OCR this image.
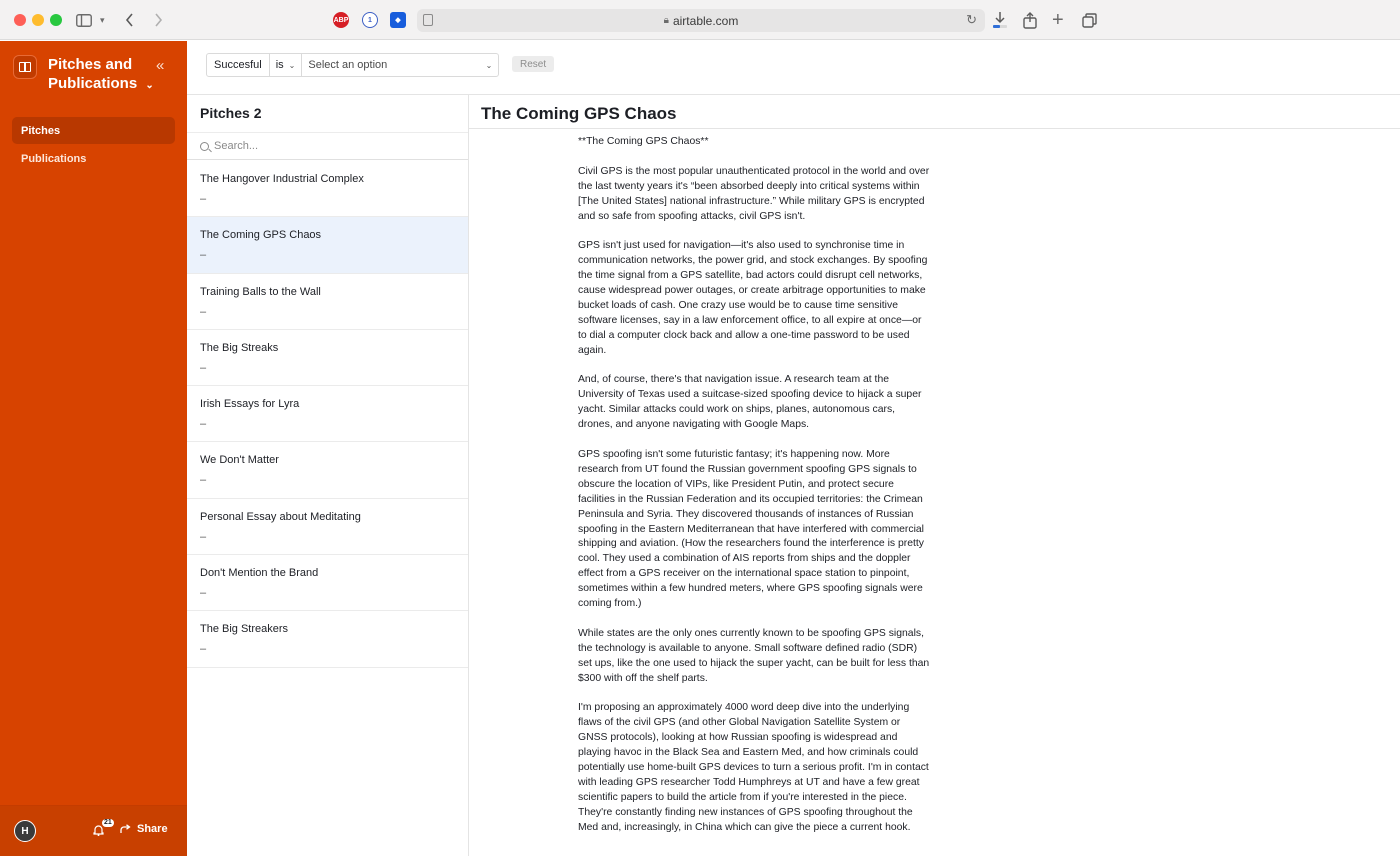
▾	ABP	1	◆	🔒︎ airtable.com	↻	+
Pitches and Publications ⌄
«
Pitches
Publications
H
21
Share
Succesful is ⌄ Select an option	⌄	Reset
Pitches 2
Search...
The Hangover Industrial Complex
–
The Coming GPS Chaos
–
Training Balls to the Wall
–
The Big Streaks
–
Irish Essays for Lyra
–
We Don't Matter
–
Personal Essay about Meditating
–
Don't Mention the Brand
–
The Big Streakers
–
The Coming GPS Chaos

**The Coming GPS Chaos**

Civil GPS is the most popular unauthenticated protocol in the world and over the last twenty years it's “been absorbed deeply into critical systems within [The United States] national infrastructure.” While military GPS is encrypted and so safe from spoofing attacks, civil GPS isn't.

GPS isn't just used for navigation—it's also used to synchronise time in communication networks, the power grid, and stock exchanges. By spoofing the time signal from a GPS satellite, bad actors could disrupt cell networks, cause widespread power outages, or create arbitrage opportunities to make bucket loads of cash. One crazy use would be to cause time sensitive software licenses, say in a law enforcement office, to all expire at once—or to dial a computer clock back and allow a one-time password to be used again.

And, of course, there's that navigation issue. A research team at the University of Texas used a suitcase-sized spoofing device to hijack a super yacht. Similar attacks could work on ships, planes, autonomous cars, drones, and anyone navigating with Google Maps.

GPS spoofing isn't some futuristic fantasy; it's happening now. More research from UT found the Russian government spoofing GPS signals to obscure the location of VIPs, like President Putin, and protect secure facilities in the Russian Federation and its occupied territories: the Crimean Peninsula and Syria. They discovered thousands of instances of Russian spoofing in the Eastern Mediterranean that have interfered with commercial shipping and aviation. (How the researchers found the interference is pretty cool. They used a combination of AIS reports from ships and the doppler effect from a GPS receiver on the international space station to pinpoint, sometimes within a few hundred meters, where GPS spoofing signals were coming from.)

While states are the only ones currently known to be spoofing GPS signals, the technology is available to anyone. Small software defined radio (SDR) set ups, like the one used to hijack the super yacht, can be built for less than $300 with off the shelf parts.

I'm proposing an approximately 4000 word deep dive into the underlying flaws of the civil GPS (and other Global Navigation Satellite System or GNSS protocols), looking at how Russian spoofing is widespread and playing havoc in the Black Sea and Eastern Med, and how criminals could potentially use home-built GPS devices to turn a serious profit. I'm in contact with leading GPS researcher Todd Humphreys at UT and have a few great scientific papers to build the article from if you're interested in the piece. They're constantly finding new instances of GPS spoofing throughout the Med and, increasingly, in China which can give the piece a current hook.
